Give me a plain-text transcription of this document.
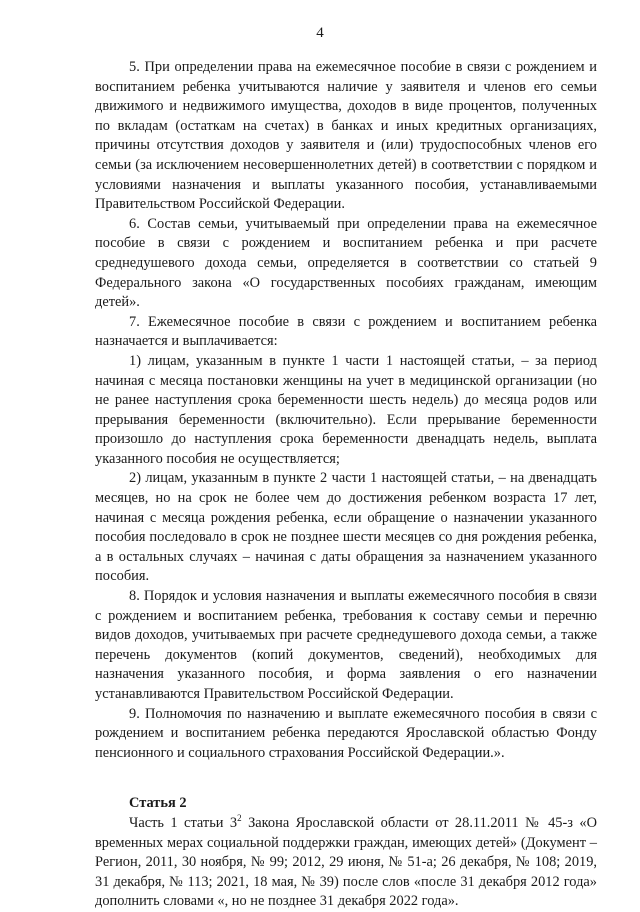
4

5. При определении права на ежемесячное пособие в связи с рождением и воспитанием ребенка учитываются наличие у заявителя и членов его семьи движимого и недвижимого имущества, доходов в виде процентов, полученных по вкладам (остаткам на счетах) в банках и иных кредитных организациях, причины отсутствия доходов у заявителя и (или) трудоспособных членов его семьи (за исключением несовершеннолетних детей) в соответствии с порядком и условиями назначения и выплаты указанного пособия, устанавливаемыми Правительством Российской Федерации.

6. Состав семьи, учитываемый при определении права на ежемесячное пособие в связи с рождением и воспитанием ребенка и при расчете среднедушевого дохода семьи, определяется в соответствии со статьей 9 Федерального закона «О государственных пособиях гражданам, имеющим детей».

7. Ежемесячное пособие в связи с рождением и воспитанием ребенка назначается и выплачивается:

1) лицам, указанным в пункте 1 части 1 настоящей статьи, – за период начиная с месяца постановки женщины на учет в медицинской организации (но не ранее наступления срока беременности шесть недель) до месяца родов или прерывания беременности (включительно). Если прерывание беременности произошло до наступления срока беременности двенадцать недель, выплата указанного пособия не осуществляется;

2) лицам, указанным в пункте 2 части 1 настоящей статьи, – на двенадцать месяцев, но на срок не более чем до достижения ребенком возраста 17 лет, начиная с месяца рождения ребенка, если обращение о назначении указанного пособия последовало в срок не позднее шести месяцев со дня рождения ребенка, а в остальных случаях – начиная с даты обращения за назначением указанного пособия.

8. Порядок и условия назначения и выплаты ежемесячного пособия в связи с рождением и воспитанием ребенка, требования к составу семьи и перечню видов доходов, учитываемых при расчете среднедушевого дохода семьи, а также перечень документов (копий документов, сведений), необходимых для назначения указанного пособия, и форма заявления о его назначении устанавливаются Правительством Российской Федерации.

9. Полномочия по назначению и выплате ежемесячного пособия в связи с рождением и воспитанием ребенка передаются Ярославской областью Фонду пенсионного и социального страхования Российской Федерации.».

Статья 2

Часть 1 статьи $3^2$ Закона Ярославской области от 28.11.2011 № 45-з «О временных мерах социальной поддержки граждан, имеющих детей» (Документ – Регион, 2011, 30 ноября, № 99; 2012, 29 июня, № 51-а; 26 декабря, № 108; 2019, 31 декабря, № 113; 2021, 18 мая, № 39) после слов «после 31 декабря 2012 года» дополнить словами «, но не позднее 31 декабря 2022 года».
